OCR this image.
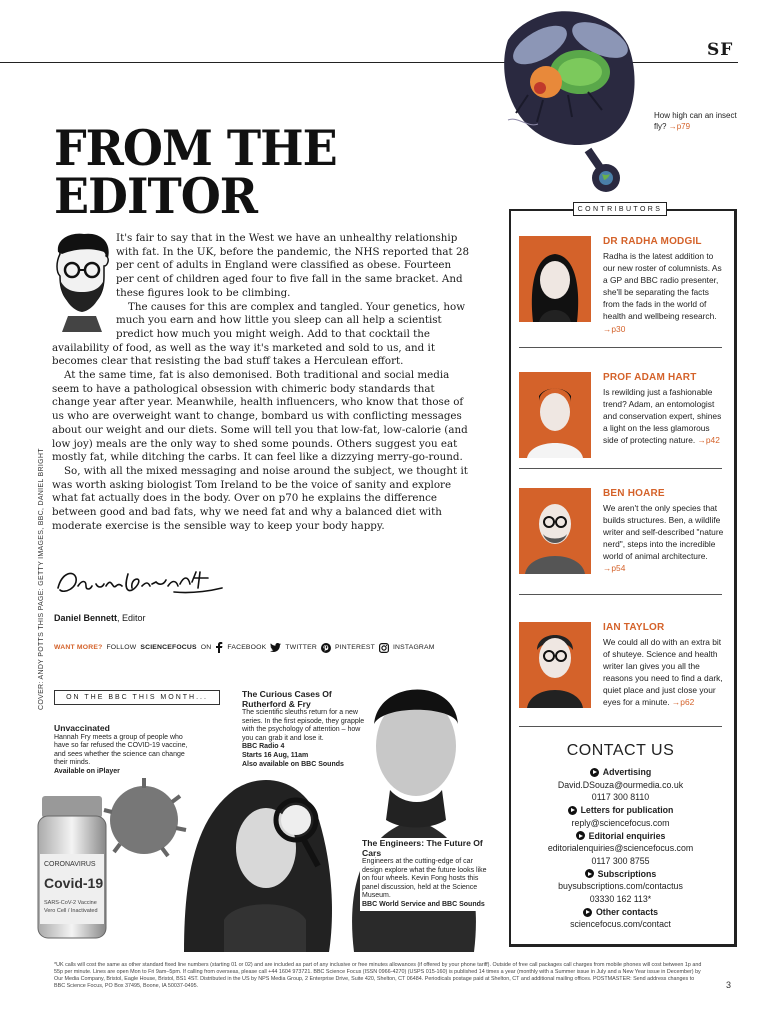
SF
How high can an insect fly? →p79
FROM THE
EDITOR

It's fair to say that in the West we have an unhealthy relationship with fat. In the UK, before the pandemic, the NHS reported that 28 per cent of adults in England were classified as obese. Fourteen per cent of children aged four to five fall in the same bracket. And these figures look to be climbing.

The causes for this are complex and tangled. Your genetics, how much you earn and how little you sleep can all help a scientist predict how much you might weigh. Add to that cocktail the availability of food, as well as the way it's marketed and sold to us, and it becomes clear that resisting the bad stuff takes a Herculean effort.

At the same time, fat is also demonised. Both traditional and social media seem to have a pathological obsession with chimeric body standards that change year after year. Meanwhile, health influencers, who know that those of us who are overweight want to change, bombard us with conflicting messages about our weight and our diets. Some will tell you that low-fat, low-calorie (and low joy) meals are the only way to shed some pounds. Others suggest you eat mostly fat, while ditching the carbs. It can feel like a dizzying merry-go-round.

So, with all the mixed messaging and noise around the subject, we thought it was worth asking biologist Tom Ireland to be the voice of sanity and explore what fat actually does in the body. Over on p70 he explains the difference between good and bad fats, why we need fat and why a balanced diet with moderate exercise is the sensible way to keep your body happy.

Daniel Bennett, Editor
WANT MORE? FOLLOW SCIENCEFOCUS ON FACEBOOK	TWITTER	PINTEREST	INSTAGRAM
COVER: ANDY POTTS THIS PAGE: GETTY IMAGES, BBC, DANIEL BRIGHT
CORONAVIRUS
Covid-19
SARS-CoV-2 Vaccine
Vero Cell / Inactivated
ON THE BBC THIS MONTH...
Unvaccinated
Hannah Fry meets a group of people who have so far refused the COVID-19 vaccine, and sees whether the science can change their minds.
Available on iPlayer
The Curious Cases Of Rutherford & Fry
The scientific sleuths return for a new series. In the first episode, they grapple with the psychology of attention – how you can grab it and lose it.
BBC Radio 4
Starts 16 Aug, 11am
Also available on BBC Sounds
The Engineers: The Future Of Cars
Engineers at the cutting-edge of car design explore what the future looks like on four wheels. Kevin Fong hosts this panel discussion, held at the Science Museum.
BBC World Service and BBC Sounds
CONTRIBUTORS
DR RADHA MODGIL
Radha is the latest addition to our new roster of columnists. As a GP and BBC radio presenter, she'll be separating the facts from the fads in the world of health and wellbeing research. →p30
PROF ADAM HART
Is rewilding just a fashionable trend? Adam, an entomologist and conservation expert, shines a light on the less glamorous side of protecting nature. →p42
BEN HOARE
We aren't the only species that builds structures. Ben, a wildlife writer and self-described "nature nerd", steps into the incredible world of animal architecture. →p54
IAN TAYLOR
We could all do with an extra bit of shuteye. Science and health writer Ian gives you all the reasons you need to find a dark, quiet place and just close your eyes for a minute. →p62
CONTACT US
Advertising
David.DSouza@ourmedia.co.uk
0117 300 8110
Letters for publication
reply@sciencefocus.com
Editorial enquiries
editorialenquiries@sciencefocus.com
0117 300 8755
Subscriptions
buysubscriptions.com/contactus
03330 162 113*
Other contacts
sciencefocus.com/contact
*UK calls will cost the same as other standard fixed line numbers (starting 01 or 02) and are included as part of any inclusive or free minutes allowances (if offered by your phone tariff). Outside of free call packages call charges from mobile phones will cost between 1p and 55p per minute. Lines are open Mon to Fri 9am–5pm. If calling from overseas, please call +44 1604 973721. BBC Science Focus (ISSN 0966-4270) (USPS 015-160) is published 14 times a year (monthly with a Summer issue in July and a New Year issue in December) by Our Media Company, Bristol, Eagle House, Bristol, BS1 4ST. Distributed in the US by NPS Media Group, 2 Enterprise Drive, Suite 420, Shelton, CT 06484. Periodicals postage paid at Shelton, CT and additional mailing offices. POSTMASTER: Send address changes to BBC Science Focus, PO Box 37495, Boone, IA 50037-0495.	3
